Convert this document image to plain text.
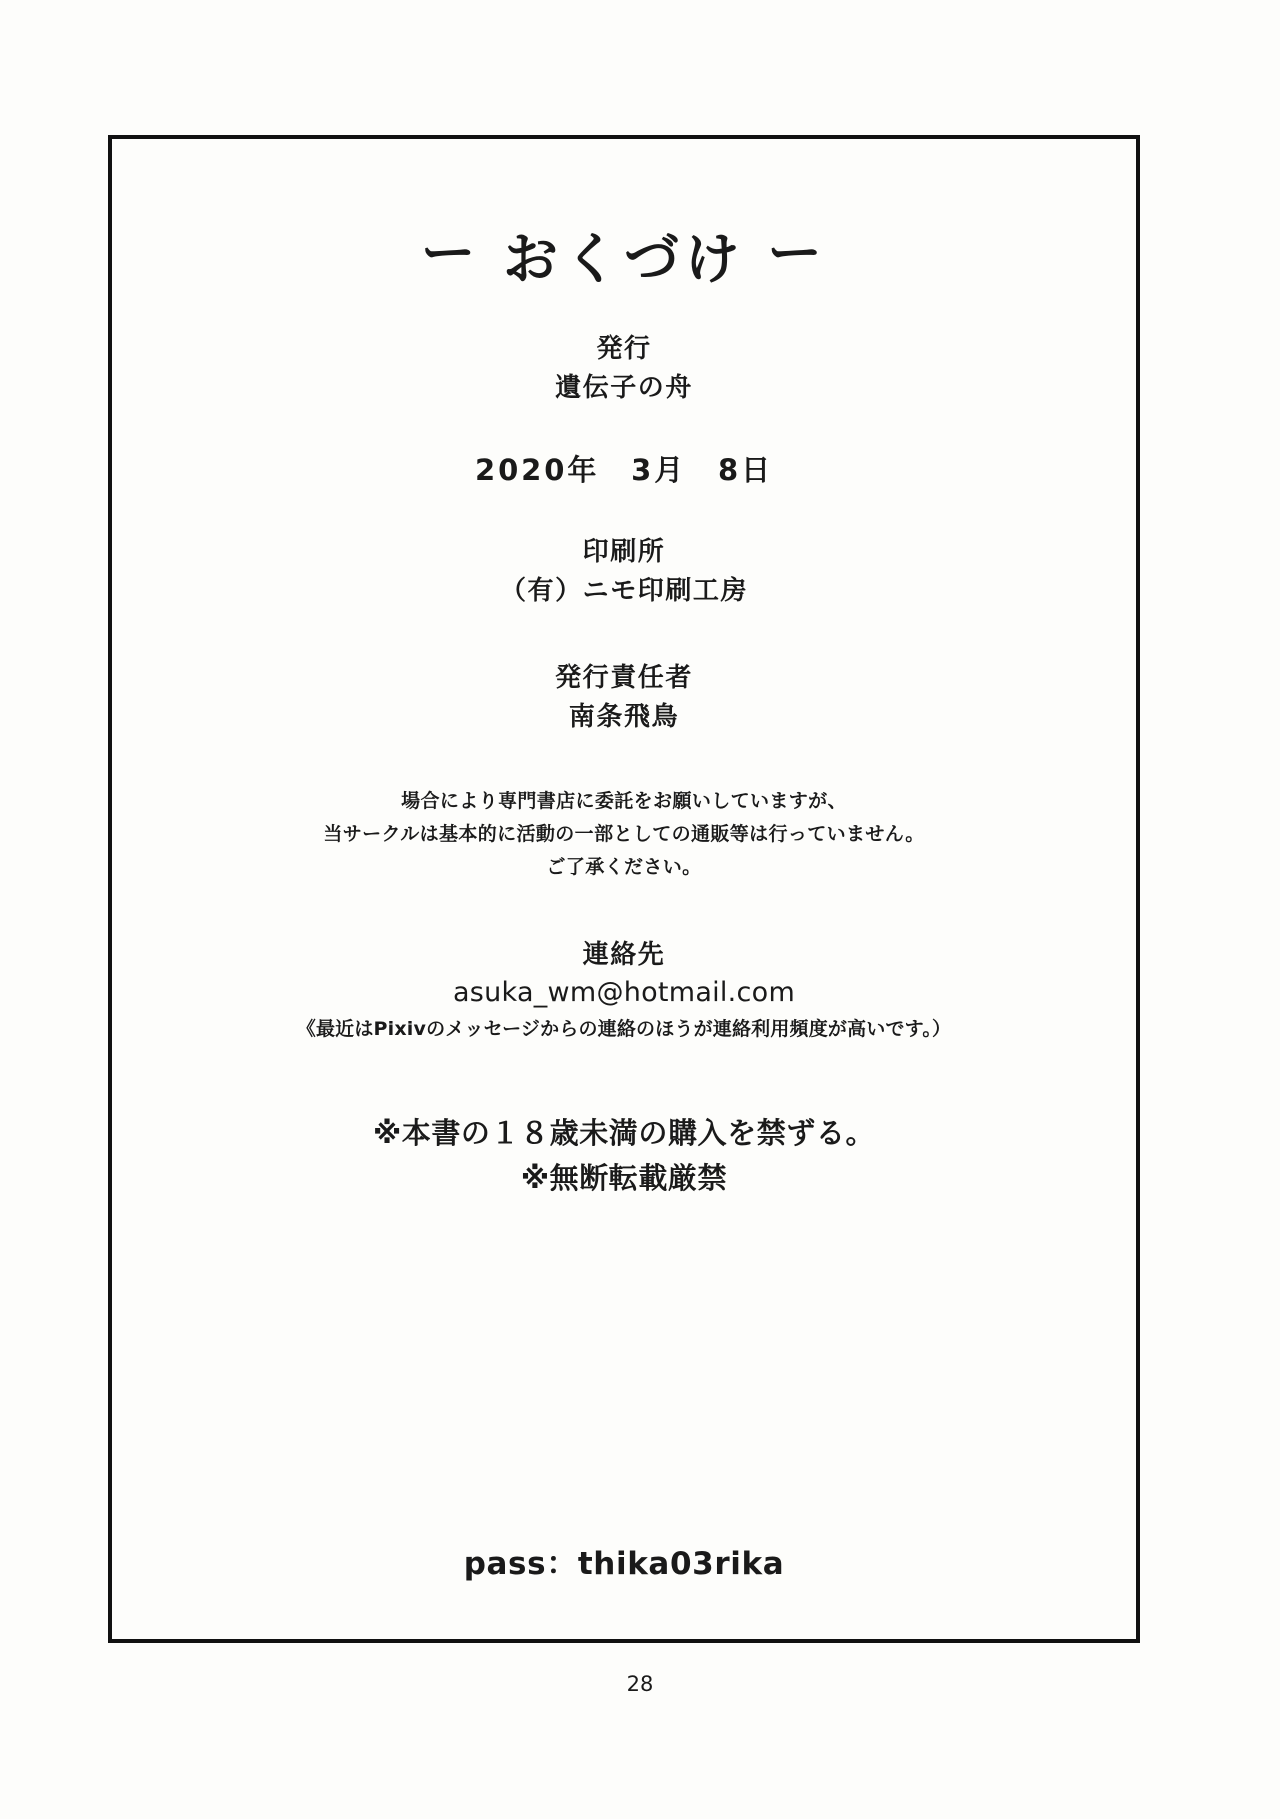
ー おくづけ ー
発行
遺伝子の舟
2020年　3月　8日
印刷所
（有）ニモ印刷工房
発行責任者
南条飛鳥
場合により専門書店に委託をお願いしていますが、
当サークルは基本的に活動の一部としての通販等は行っていません。
ご了承ください。
連絡先
asuka_wm@hotmail.com
《最近はPixivのメッセージからの連絡のほうが連絡利用頻度が高いです。）
※本書の１８歳未満の購入を禁ずる。
※無断転載厳禁
pass：thika03rika
28
